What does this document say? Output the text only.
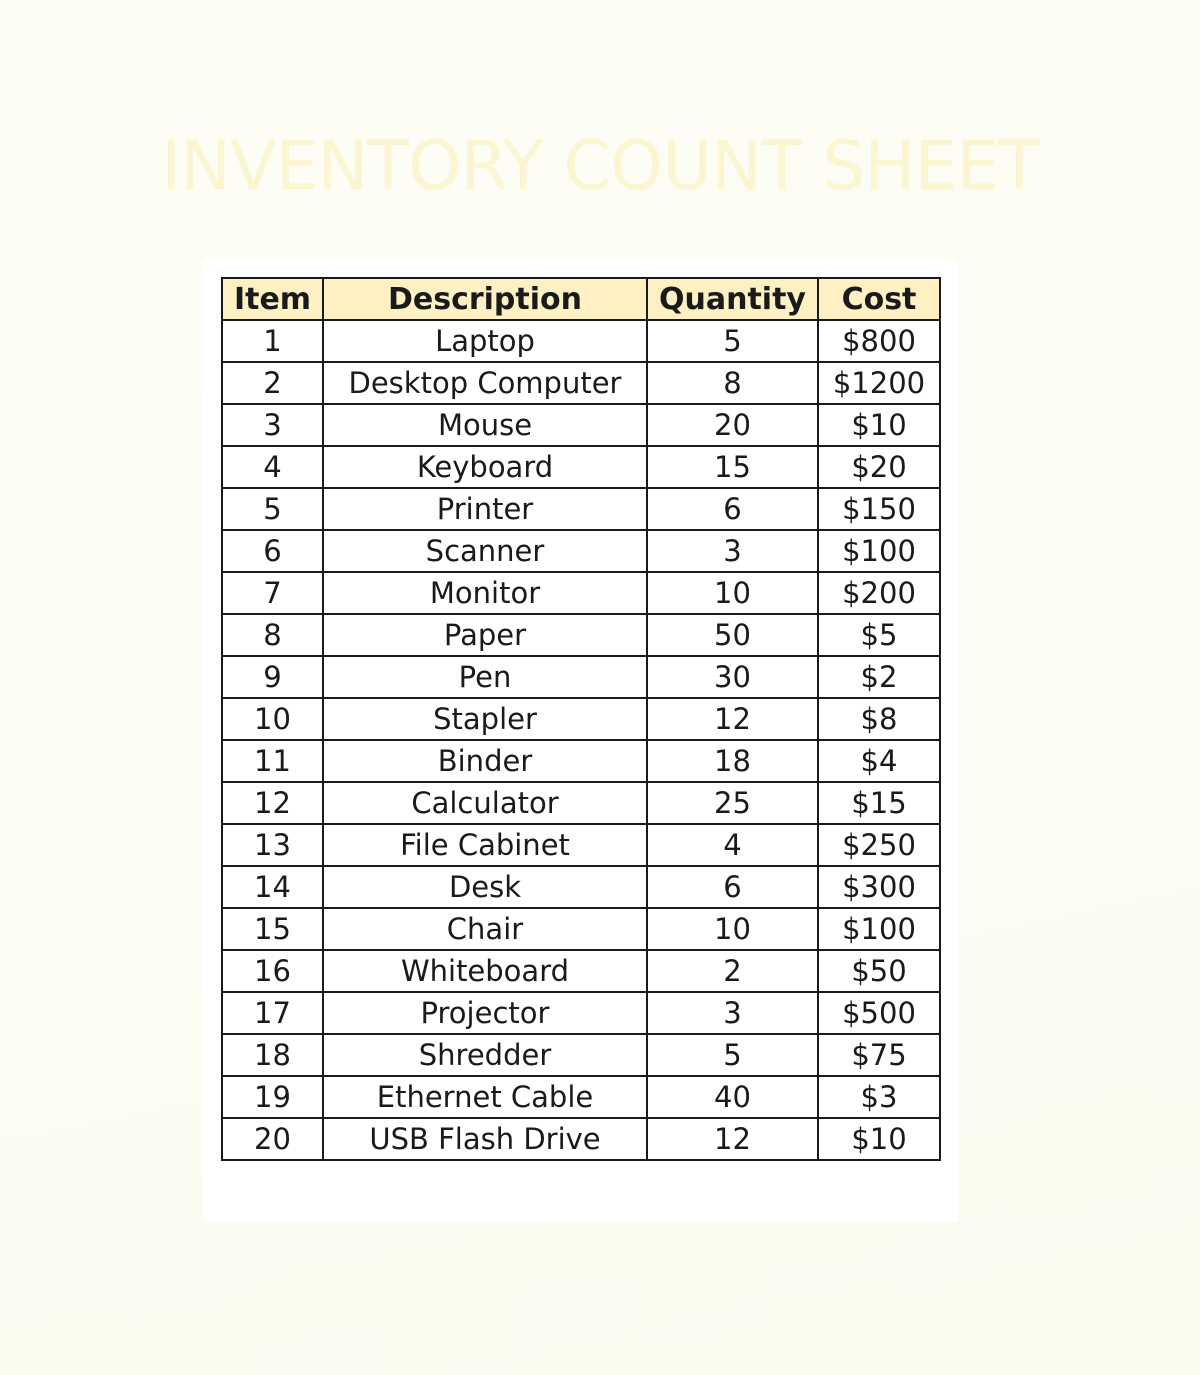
INVENTORY COUNT SHEET
Item	Description	Quantity	Cost
1	Laptop	5	$800
2	Desktop Computer	8	$1200
3	Mouse	20	$10
4	Keyboard	15	$20
5	Printer	6	$150
6	Scanner	3	$100
7	Monitor	10	$200
8	Paper	50	$5
9	Pen	30	$2
10	Stapler	12	$8
11	Binder	18	$4
12	Calculator	25	$15
13	File Cabinet	4	$250
14	Desk	6	$300
15	Chair	10	$100
16	Whiteboard	2	$50
17	Projector	3	$500
18	Shredder	5	$75
19	Ethernet Cable	40	$3
20	USB Flash Drive	12	$10
